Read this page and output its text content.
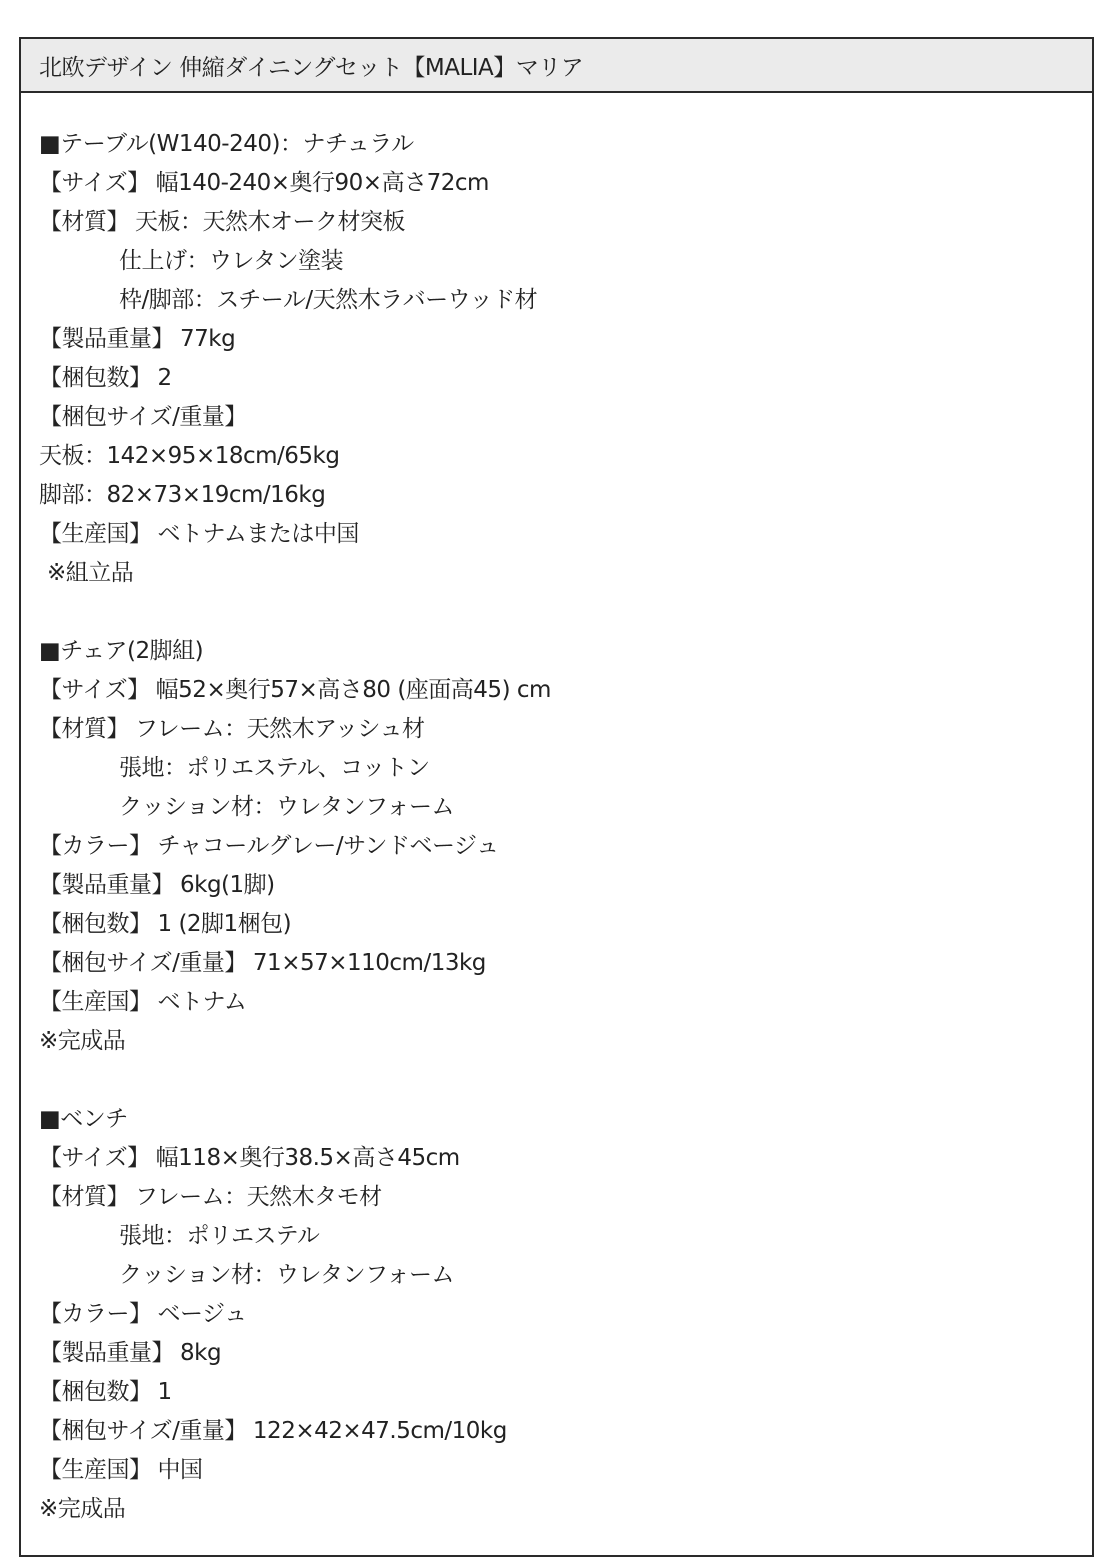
北欧デザイン 伸縮ダイニングセット【MALIA】マリア
■テーブル(W140-240)：ナチュラル
【サイズ】 幅140-240×奥行90×高さ72cm
【材質】 天板：天然木オーク材突板
仕上げ：ウレタン塗装
枠/脚部：スチール/天然木ラバーウッド材
【製品重量】 77kg
【梱包数】 2
【梱包サイズ/重量】
天板：142×95×18cm/65kg
脚部：82×73×19cm/16kg
【生産国】 ベトナムまたは中国
※組立品
■チェア(2脚組)
【サイズ】 幅52×奥行57×高さ80 (座面高45) cm
【材質】 フレーム：天然木アッシュ材
張地：ポリエステル、コットン
クッション材：ウレタンフォーム
【カラー】 チャコールグレー/サンドベージュ
【製品重量】 6kg(1脚)
【梱包数】 1 (2脚1梱包)
【梱包サイズ/重量】 71×57×110cm/13kg
【生産国】 ベトナム
※完成品
■ベンチ
【サイズ】 幅118×奥行38.5×高さ45cm
【材質】 フレーム：天然木タモ材
張地：ポリエステル
クッション材：ウレタンフォーム
【カラー】 ベージュ
【製品重量】 8kg
【梱包数】 1
【梱包サイズ/重量】 122×42×47.5cm/10kg
【生産国】 中国
※完成品
